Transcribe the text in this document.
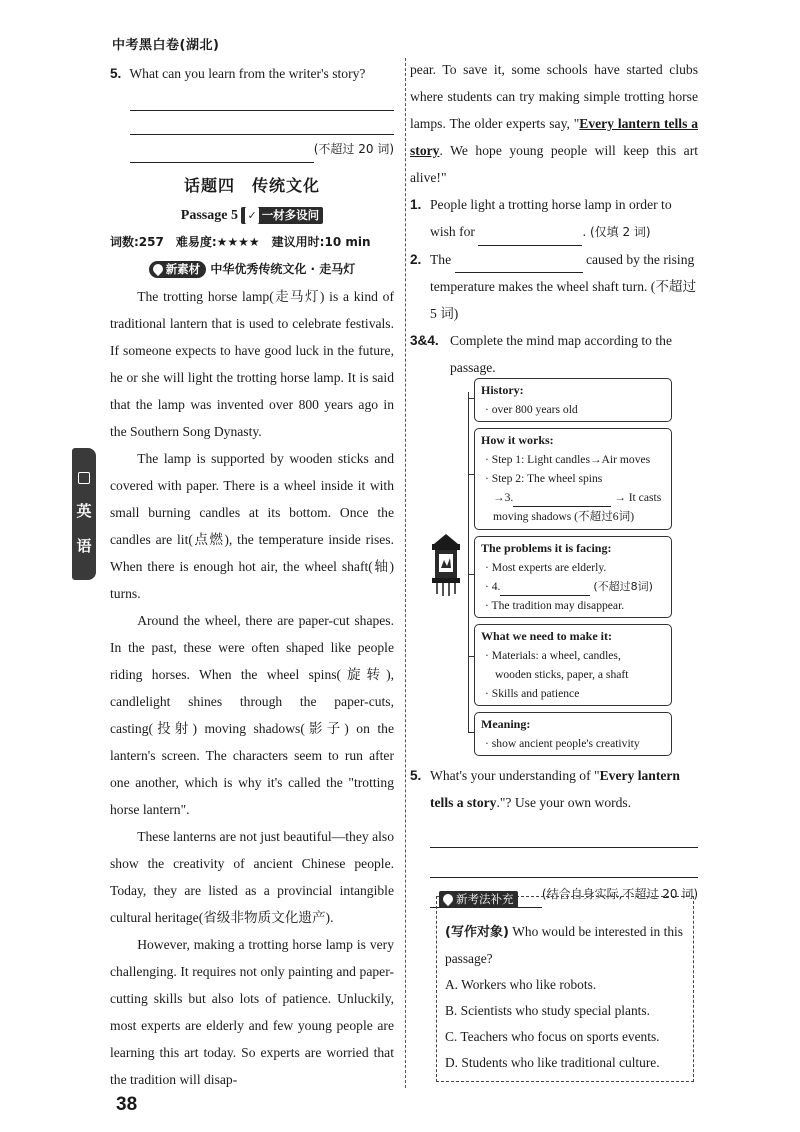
中考黑白卷(湖北)
英
语
38
5. What can you learn from the writer's story?
(不超过 20 词)
话题四　传统文化
Passage 5 ✓ 一材多设问
词数:257　难易度:★★★★　建议用时:10 min
新素材 中华优秀传统文化 · 走马灯

The trotting horse lamp(走马灯) is a kind of traditional lantern that is used to celebrate festivals. If someone expects to have good luck in the future, he or she will light the trotting horse lamp. It is said that the lamp was invented over 800 years ago in the Southern Song Dynasty.

The lamp is supported by wooden sticks and covered with paper. There is a wheel inside it with small burning candles at its bottom. Once the candles are lit(点燃), the temperature inside rises. When there is enough hot air, the wheel shaft(轴) turns.

Around the wheel, there are paper-cut shapes. In the past, these were often shaped like people riding horses. When the wheel spins(旋转), candlelight shines through the paper-cuts, casting(投射) moving shadows(影子) on the lantern's screen. The characters seem to run after one another, which is why it's called the "trotting horse lantern".

These lanterns are not just beautiful—they also show the creativity of ancient Chinese people. Today, they are listed as a provincial intangible cultural heritage(省级非物质文化遗产).

However, making a trotting horse lamp is very challenging. It requires not only painting and paper-cutting skills but also lots of patience. Unluckily, most experts are elderly and few young people are learning this art today. So experts are worried that the tradition will disap-

pear. To save it, some schools have started clubs where students can try making simple trotting horse lamps. The older experts say, "Every lantern tells a story. We hope young people will keep this art alive!"

1. People light a trotting horse lamp in order to wish for	. (仅填 2 词)
2. The	caused by the rising temperature makes the wheel shaft turn. (不超过 5 词)
3&4. Complete the mind map according to the passage.
History:
· over 800 years old
How it works:
· Step 1: Light candles→Air moves
· Step 2: The wheel spins
→3.	→ It casts
moving shadows (不超过6词)
The problems it is facing:
· Most experts are elderly.
· 4.	(不超过8词)
· The tradition may disappear.
What we need to make it:
· Materials: a wheel, candles,
wooden sticks, paper, a shaft
· Skills and patience
Meaning:
· show ancient people's creativity
5. What's your understanding of "Every lantern tells a story."? Use your own words.
(结合自身实际,不超过 20 词)
新考法补充
(写作对象) Who would be interested in this passage?
A. Workers who like robots.
B. Scientists who study special plants.
C. Teachers who focus on sports events.
D. Students who like traditional culture.
